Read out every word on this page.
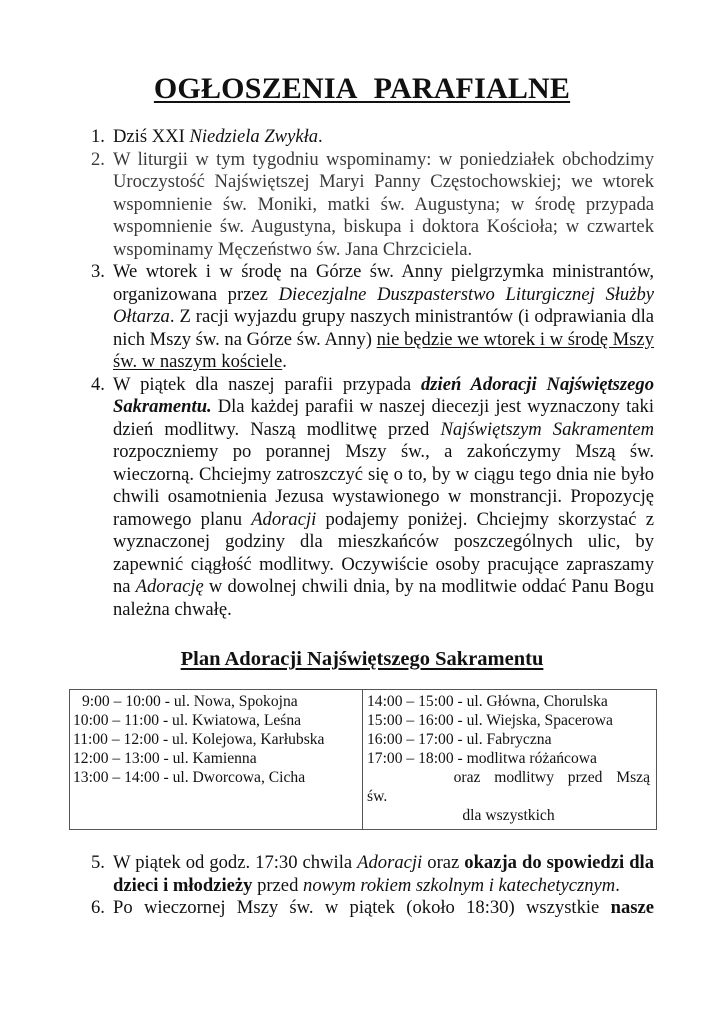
OGŁOSZENIA PARAFIALNE
1. Dziś XXI Niedziela Zwykła.
2. W liturgii w tym tygodniu wspominamy: w poniedziałek obchodzimy Uroczystość Najświętszej Maryi Panny Częstochowskiej; we wtorek wspomnienie św. Moniki, matki św. Augustyna; w środę przypada wspomnienie św. Augustyna, biskupa i doktora Kościoła; w czwartek wspominamy Męczeństwo św. Jana Chrzciciela.
3. We wtorek i w środę na Górze św. Anny pielgrzymka ministrantów, organizowana przez Diecezjalne Duszpasterstwo Liturgicznej Służby Ołtarza. Z racji wyjazdu grupy naszych ministrantów (i odprawiania dla nich Mszy św. na Górze św. Anny) nie będzie we wtorek i w środę Mszy św. w naszym kościele.
4. W piątek dla naszej parafii przypada dzień Adoracji Najświętszego Sakramentu. Dla każdej parafii w naszej diecezji jest wyznaczony taki dzień modlitwy. Naszą modlitwę przed Najświętszym Sakramentem rozpoczniemy po porannej Mszy św., a zakończymy Mszą św. wieczorną. Chciejmy zatroszczyć się o to, by w ciągu tego dnia nie było chwili osamotnienia Jezusa wystawionego w monstrancji. Propozycję ramowego planu Adoracji podajemy poniżej. Chciejmy skorzystać z wyznaczonej godziny dla mieszkańców poszczególnych ulic, by zapewnić ciągłość modlitwy. Oczywiście osoby pracujące zapraszamy na Adorację w dowolnej chwili dnia, by na modlitwie oddać Panu Bogu należna chwałę.
Plan Adoracji Najświętszego Sakramentu
9:00 – 10:00 - ul. Nowa, Spokojna
10:00 – 11:00 - ul. Kwiatowa, Leśna
11:00 – 12:00 - ul. Kolejowa, Karłubska
12:00 – 13:00 - ul. Kamienna
13:00 – 14:00 - ul. Dworcowa, Cicha
14:00 – 15:00 - ul. Główna, Chorulska
15:00 – 16:00 - ul. Wiejska, Spacerowa
16:00 – 17:00 - ul. Fabryczna
17:00 – 18:00 - modlitwa różańcowa
oraz  modlitwy  przed  Mszą
św.
dla wszystkich
5. W piątek od godz. 17:30 chwila Adoracji oraz okazja do spowiedzi dla dzieci i młodzieży przed nowym rokiem szkolnym i katechetycznym.
6. Po wieczornej Mszy św. w piątek (około 18:30) wszystkie nasze
